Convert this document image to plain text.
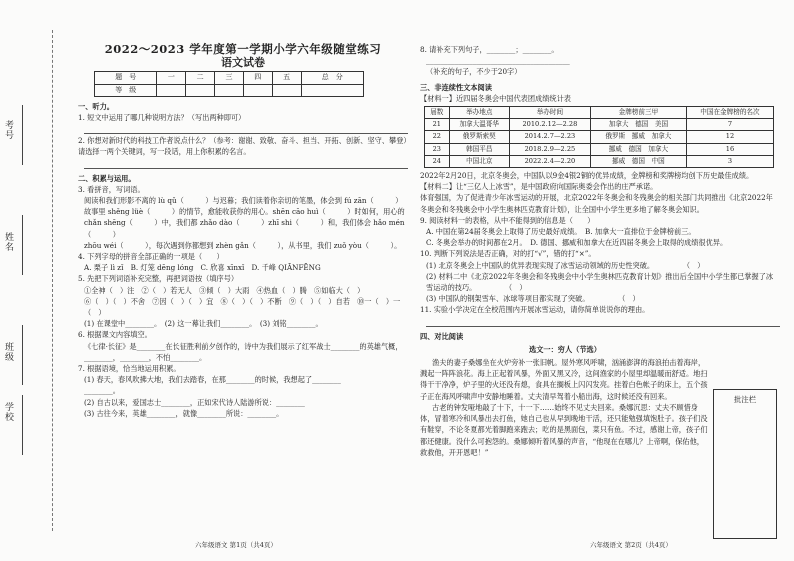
考号
姓名
班级
学校
2022～2023 学年度第一学期小学六年级随堂练习
语文试卷
题　号	一	二	三	四	五	总　分
等　级						

一、听力。

1. 短文中运用了哪几种说明方法？（写出两种即可）

2. 你想对新时代的科技工作者说点什么？（参考：谢谢、致敬、奋斗、担当、开拓、创新、坚守、攀登）请选择一两个关键词，写一段话，用上你积累的名言。

二、积累与运用。

3. 看拼音，写词语。

阅读和我们形影不离的 lù qǔ（　　　）与迟暮；我们读着你亲切的笔墨，体会到 fú zān（　　　）

故事里 shěng lüè（　　　）的情节，愈能收获你的用心。shēn cāo huì（　　　）时如何，用心的

chǎn shēng（　　　）中，我们都 zhǎo dào（　　　）zhī shi（　　　）和，我们体会 hǎo mén（　　　）

zhōu wéi（　　　），每次遇到你都想到 zhèn gǎn（　　　），从书里，我们 zuǒ yòu（　　　）。

4. 下列字母的拼音全部正确的一项是（　　）

A. 栗子 lì zǐ　B. 灯笼 dēng lóng　C. 欣喜 xīnxǐ　D. 千峰 QIĀNFĒNG

5. 先把下列词语补充完整，再把词语按（填序号）

①全神（　）注　②（　）若无人　③倾（　）大雨　④热血（　）腾　⑤如临大（　）

⑥（　）（　）不舍　⑦因（　）（　）宜　⑧（　）（　）不断　⑨（　）（　）自若　⑩一（　）一（　）

(1) 在课堂中________。　(2) 这一幕让我们________。　(3) 刘铭________。

6. 根据课文内容填空。

《七律·长征》是________在长征胜利前夕创作的，诗中为我们展示了红军战士________的英雄气概，________，________，不怕________。

7. 根据语境，恰当地运用积累。

(1) 春天，春风吹拂大地，我们去踏春，在那________的时候，我想起了________

________。

(2) 自古以来，爱国志士________，正如宋代诗人陆游所说：________

(3) 古往今来，英雄________，就像________所说：________。

六年级语文 第1页（共4页）

8. 请补充下列句子，________；________。

________________________________________

（补充的句子，不少于20字）

三、非连续性文本阅读

【材料一】近四届冬奥会中国代表团成绩统计表

届数	举办地点	举办时间	金牌榜前三甲	中国在金牌榜的名次
21	加拿大温哥华	2010.2.12—2.28	加拿大　德国　美国	7
22	俄罗斯索契	2014.2.7—2.23	俄罗斯　挪威　加拿大	12
23	韩国平昌	2018.2.9—2.25	挪威　德国　加拿大	16
24	中国北京	2022.2.4—2.20	挪威　德国　中国	3

2022年2月20日，北京冬奥会，中国队以9金4银2铜的优异成绩，金牌榜和奖牌榜均创下历史最佳成绩。

【材料二】让“三亿人上冰雪”，是中国政府向国际奥委会作出的庄严承诺。

体育强国，为了促进青少年冰雪运动的开展，北京2022年冬奥会和冬残奥会的相关部门共同推出《北京2022年冬奥会和冬残奥会中小学生奥林匹克教育计划》，让全国中小学生更多地了解冬奥会知识。

9. 阅读材料一的表格，从中不能得到的信息是（　　）

A. 中国在第24届冬奥会上取得了历史最好成绩。　B. 加拿大一直排位于金牌榜前三。

C. 冬奥会举办的时间都在2月。　D. 德国、挪威和加拿大在近四届冬奥会上取得的成绩很优异。

10. 判断下列说法是否正确，对的打“√”，错的打“×”。

(1) 北京冬奥会上中国队的优异表现实现了冰雪运动领域的历史性突破。　　　　　（　）

(2) 材料二中《北京2022年冬奥会和冬残奥会中小学生奥林匹克教育计划》推出后全国中小学生都已掌握了冰雪运动的技巧。　　　　　（　）

(3) 中国队的钢架雪车、冰球等项目都实现了突破。　　　　　（　）

11. 实验小学决定在全校范围内开展冰雪运动，请你简单说说你的理由。

四、对比阅读

选文一：穷人（节选）

渔夫的妻子桑娜坐在火炉旁补一张旧帆。屋外寒风呼啸，汹涌澎湃的海浪拍击着海岸，溅起一阵阵浪花。海上正起着风暴，外面又黑又冷，这间渔家的小屋里却温暖而舒适。地扫得干干净净，炉子里的火还没有熄，食具在搁板上闪闪发亮。挂着白色帐子的床上，五个孩子正在海风呼啸声中安静地睡着。丈夫清早驾着小船出海，这时候还没有回来。

古老的钟发哑地敲了十下，十一下……始终不见丈夫回来。桑娜沉思：丈夫不顾惜身体，冒着寒冷和风暴出去打鱼，她自己也从早到晚地干活，还只能勉强填饱肚子。孩子们没有鞋穿，不论冬夏都光着脚跑来跑去；吃的是黑面包，菜只有鱼。不过，感谢上帝，孩子们都还健康。没什么可抱怨的。桑娜倾听着风暴的声音，“他现在在哪儿？上帝啊，保佑他，救救他，开开恩吧！”

批注栏
六年级语文 第2页（共4页）
